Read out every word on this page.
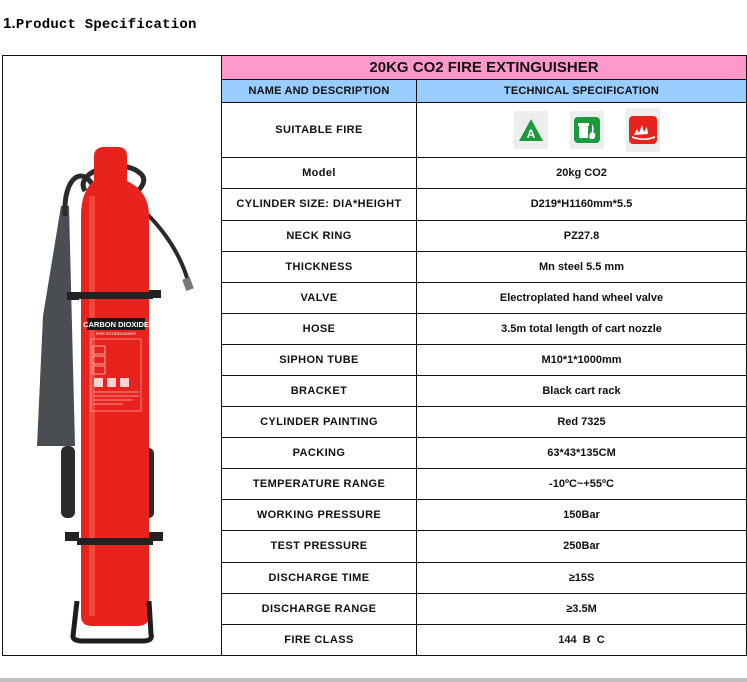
1.Product Specification
CARBON DIOXIDE
FIRE EXTINGUISHER	20KG CO2 FIRE EXTINGUISHER	
	NAME AND DESCRIPTION	TECHNICAL SPECIFICATION
	SUITABLE FIRE	A

	Model	20kg CO2
	CYLINDER SIZE: DIA*HEIGHT	D219*H1160mm*5.5
	NECK RING	PZ27.8
	THICKNESS	Mn steel 5.5 mm
	VALVE	Electroplated hand wheel valve
	HOSE	3.5m total length of cart nozzle
	SIPHON TUBE	M10*1*1000mm
	BRACKET	Black cart rack
	CYLINDER PAINTING	Red 7325
	PACKING	63*43*135CM
	TEMPERATURE RANGE	-10ºC~+55ºC
	WORKING PRESSURE	150Bar
	TEST PRESSURE	250Bar
	DISCHARGE TIME	≥15S
	DISCHARGE RANGE	≥3.5M
	FIRE CLASS	144  B  C
